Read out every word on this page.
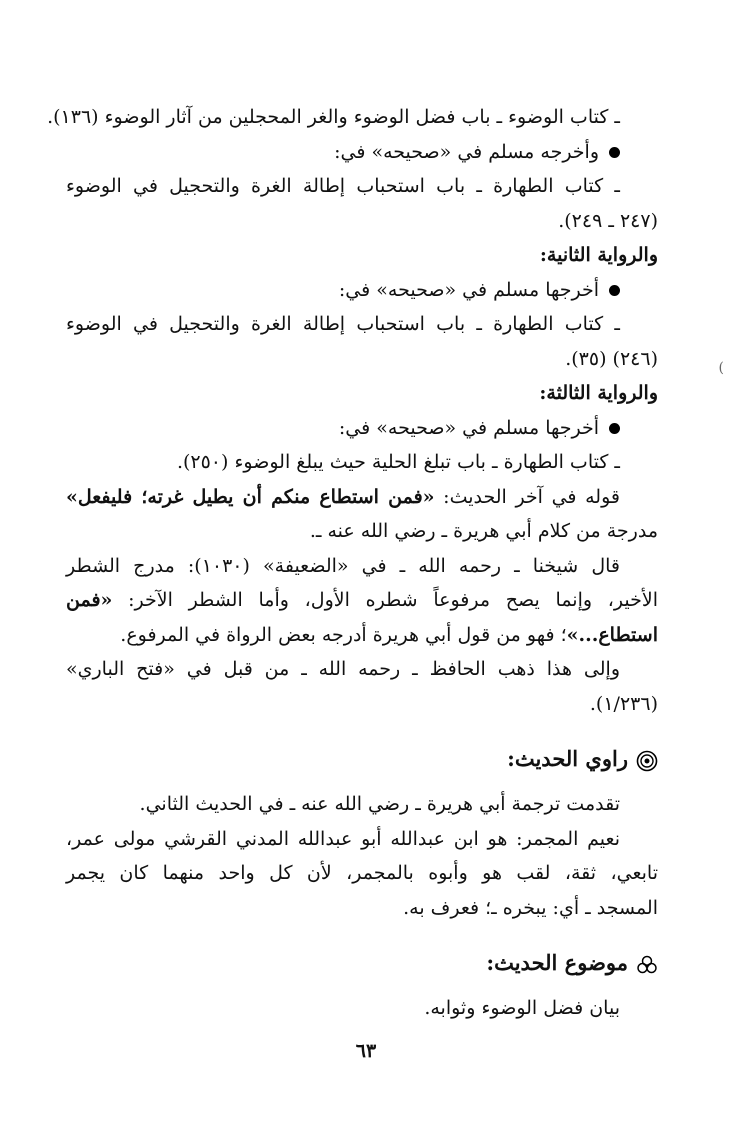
ـ كتاب الوضوء ـ باب فضل الوضوء والغر المحجلين من آثار الوضوء (١٣٦).
وأخرجه مسلم في «صحيحه» في:
ـ كتاب الطهارة ـ باب استحباب إطالة الغرة والتحجيل في الوضوء
(٢٤٧ ـ ٢٤٩).
والرواية الثانية:
أخرجها مسلم في «صحيحه» في:
ـ كتاب الطهارة ـ باب استحباب إطالة الغرة والتحجيل في الوضوء
(٢٤٦) (٣٥).
والرواية الثالثة:
أخرجها مسلم في «صحيحه» في:
ـ كتاب الطهارة ـ باب تبلغ الحلية حيث يبلغ الوضوء (٢٥٠).
قوله في آخر الحديث: «فمن استطاع منكم أن يطيل غرته؛ فليفعل»
مدرجة من كلام أبي هريرة ـ رضي الله عنه ـ.
قال شيخنا ـ رحمه الله ـ في «الضعيفة» (١٠٣٠): مدرج الشطر
الأخير، وإنما يصح مرفوعاً شطره الأول، وأما الشطر الآخر: «فمن
استطاع...»؛ فهو من قول أبي هريرة أدرجه بعض الرواة في المرفوع.
وإلى هذا ذهب الحافظ ـ رحمه الله ـ من قبل في «فتح الباري»
(١/٢٣٦).
راوي الحديث:
تقدمت ترجمة أبي هريرة ـ رضي الله عنه ـ في الحديث الثاني.
نعيم المجمر: هو ابن عبدالله أبو عبدالله المدني القرشي مولى عمر،
تابعي، ثقة، لقب هو وأبوه بالمجمر، لأن كل واحد منهما كان يجمر
المسجد ـ أي: يبخره ـ؛ فعرف به.
موضوع الحديث:
بيان فضل الوضوء وثوابه.
(
٦٣
